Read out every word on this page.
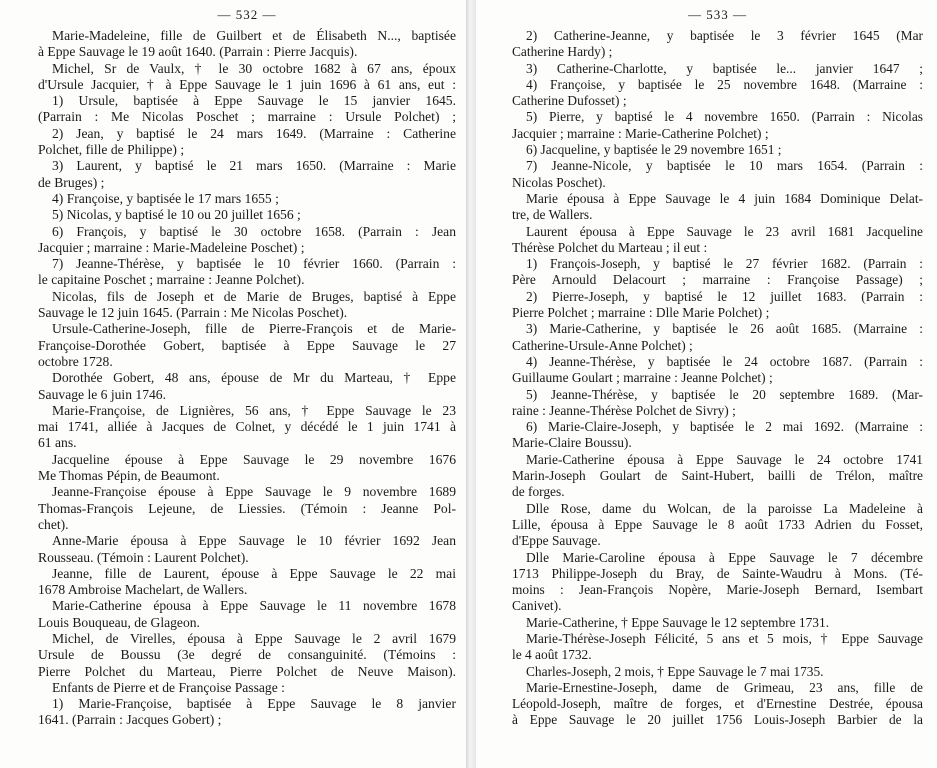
— 532 —
Marie-Madeleine, fille de Guilbert et de Élisabeth N..., baptisée
à Eppe Sauvage le 19 août 1640. (Parrain : Pierre Jacquis).
Michel, Sr de Vaulx, † le 30 octobre 1682 à 67 ans, époux
d'Ursule Jacquier, † à Eppe Sauvage le 1 juin 1696 à 61 ans, eut :
1) Ursule, baptisée à Eppe Sauvage le 15 janvier 1645.
(Parrain : Me Nicolas Poschet ; marraine : Ursule Polchet) ;
2) Jean, y baptisé le 24 mars 1649. (Marraine : Catherine
Polchet, fille de Philippe) ;
3) Laurent, y baptisé le 21 mars 1650. (Marraine : Marie
de Bruges) ;
4) Françoise, y baptisée le 17 mars 1655 ;
5) Nicolas, y baptisé le 10 ou 20 juillet 1656 ;
6) François, y baptisé le 30 octobre 1658. (Parrain : Jean
Jacquier ; marraine : Marie-Madeleine Poschet) ;
7) Jeanne-Thérèse, y baptisée le 10 février 1660. (Parrain :
le capitaine Poschet ; marraine : Jeanne Polchet).
Nicolas, fils de Joseph et de Marie de Bruges, baptisé à Eppe
Sauvage le 12 juin 1645. (Parrain : Me Nicolas Poschet).
Ursule-Catherine-Joseph, fille de Pierre-François et de Marie-
Françoise-Dorothée Gobert, baptisée à Eppe Sauvage le 27
octobre 1728.
Dorothée Gobert, 48 ans, épouse de Mr du Marteau, † Eppe
Sauvage le 6 juin 1746.
Marie-Françoise, de Lignières, 56 ans, † Eppe Sauvage le 23
mai 1741, alliée à Jacques de Colnet, y décédé le 1 juin 1741 à
61 ans.
Jacqueline épouse à Eppe Sauvage le 29 novembre 1676
Me Thomas Pépin, de Beaumont.
Jeanne-Françoise épouse à Eppe Sauvage le 9 novembre 1689
Thomas-François Lejeune, de Liessies. (Témoin : Jeanne Pol-
chet).
Anne-Marie épousa à Eppe Sauvage le 10 février 1692 Jean
Rousseau. (Témoin : Laurent Polchet).
Jeanne, fille de Laurent, épouse à Eppe Sauvage le 22 mai
1678 Ambroise Machelart, de Wallers.
Marie-Catherine épousa à Eppe Sauvage le 11 novembre 1678
Louis Bouqueau, de Glageon.
Michel, de Virelles, épousa à Eppe Sauvage le 2 avril 1679
Ursule de Boussu (3e degré de consanguinité. (Témoins :
Pierre Polchet du Marteau, Pierre Polchet de Neuve Maison).
Enfants de Pierre et de Françoise Passage :
1) Marie-Françoise, baptisée à Eppe Sauvage le 8 janvier
1641. (Parrain : Jacques Gobert) ;
— 533 —
2) Catherine-Jeanne, y baptisée le 3 février 1645 (Mar
Catherine Hardy) ;
3) Catherine-Charlotte, y baptisée le... janvier 1647 ;
4) Françoise, y baptisée le 25 novembre 1648. (Marraine :
Catherine Dufosset) ;
5) Pierre, y baptisé le 4 novembre 1650. (Parrain : Nicolas
Jacquier ; marraine : Marie-Catherine Polchet) ;
6) Jacqueline, y baptisée le 29 novembre 1651 ;
7) Jeanne-Nicole, y baptisée le 10 mars 1654. (Parrain :
Nicolas Poschet).
Marie épousa à Eppe Sauvage le 4 juin 1684 Dominique Delat-
tre, de Wallers.
Laurent épousa à Eppe Sauvage le 23 avril 1681 Jacqueline
Thérèse Polchet du Marteau ; il eut :
1) François-Joseph, y baptisé le 27 février 1682. (Parrain :
Père Arnould Delacourt ; marraine : Françoise Passage) ;
2) Pierre-Joseph, y baptisé le 12 juillet 1683. (Parrain :
Pierre Polchet ; marraine : Dlle Marie Polchet) ;
3) Marie-Catherine, y baptisée le 26 août 1685. (Marraine :
Catherine-Ursule-Anne Polchet) ;
4) Jeanne-Thérèse, y baptisée le 24 octobre 1687. (Parrain :
Guillaume Goulart ; marraine : Jeanne Polchet) ;
5) Jeanne-Thérèse, y baptisée le 20 septembre 1689. (Mar-
raine : Jeanne-Thérèse Polchet de Sivry) ;
6) Marie-Claire-Joseph, y baptisée le 2 mai 1692. (Marraine :
Marie-Claire Boussu).
Marie-Catherine épousa à Eppe Sauvage le 24 octobre 1741
Marin-Joseph Goulart de Saint-Hubert, bailli de Trélon, maître
de forges.
Dlle Rose, dame du Wolcan, de la paroisse La Madeleine à
Lille, épousa à Eppe Sauvage le 8 août 1733 Adrien du Fosset,
d'Eppe Sauvage.
Dlle Marie-Caroline épousa à Eppe Sauvage le 7 décembre
1713 Philippe-Joseph du Bray, de Sainte-Waudru à Mons. (Té-
moins : Jean-François Nopère, Marie-Joseph Bernard, Isembart
Canivet).
Marie-Catherine, † Eppe Sauvage le 12 septembre 1731.
Marie-Thérèse-Joseph Félicité, 5 ans et 5 mois, † Eppe Sauvage
le 4 août 1732.
Charles-Joseph, 2 mois, † Eppe Sauvage le 7 mai 1735.
Marie-Ernestine-Joseph, dame de Grimeau, 23 ans, fille de
Léopold-Joseph, maître de forges, et d'Ernestine Destrée, épousa
à Eppe Sauvage le 20 juillet 1756 Louis-Joseph Barbier de la
